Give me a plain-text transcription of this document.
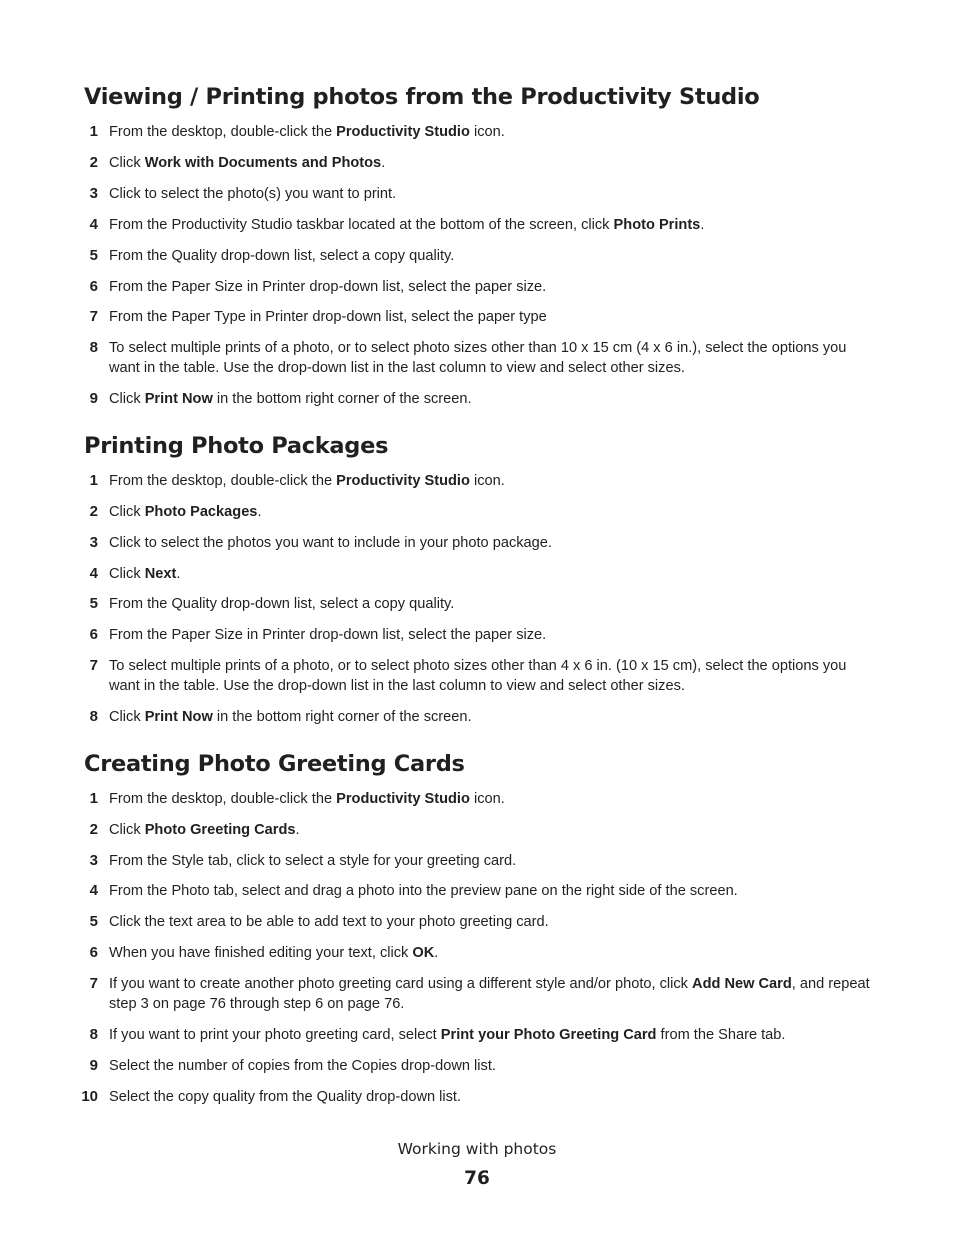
Viewing / Printing photos from the Productivity Studio
1 From the desktop, double-click the Productivity Studio icon.
2 Click Work with Documents and Photos.
3 Click to select the photo(s) you want to print.
4 From the Productivity Studio taskbar located at the bottom of the screen, click Photo Prints.
5 From the Quality drop-down list, select a copy quality.
6 From the Paper Size in Printer drop-down list, select the paper size.
7 From the Paper Type in Printer drop-down list, select the paper type
8 To select multiple prints of a photo, or to select photo sizes other than 10 x 15 cm (4 x 6 in.), select the options you want in the table. Use the drop-down list in the last column to view and select other sizes.
9 Click Print Now in the bottom right corner of the screen.
Printing Photo Packages
1 From the desktop, double-click the Productivity Studio icon.
2 Click Photo Packages.
3 Click to select the photos you want to include in your photo package.
4 Click Next.
5 From the Quality drop-down list, select a copy quality.
6 From the Paper Size in Printer drop-down list, select the paper size.
7 To select multiple prints of a photo, or to select photo sizes other than 4 x 6 in. (10 x 15 cm), select the options you want in the table. Use the drop-down list in the last column to view and select other sizes.
8 Click Print Now in the bottom right corner of the screen.
Creating Photo Greeting Cards
1 From the desktop, double-click the Productivity Studio icon.
2 Click Photo Greeting Cards.
3 From the Style tab, click to select a style for your greeting card.
4 From the Photo tab, select and drag a photo into the preview pane on the right side of the screen.
5 Click the text area to be able to add text to your photo greeting card.
6 When you have finished editing your text, click OK.
7 If you want to create another photo greeting card using a different style and/or photo, click Add New Card, and repeat step 3 on page 76 through step 6 on page 76.
8 If you want to print your photo greeting card, select Print your Photo Greeting Card from the Share tab.
9 Select the number of copies from the Copies drop-down list.
10 Select the copy quality from the Quality drop-down list.
Working with photos
76
